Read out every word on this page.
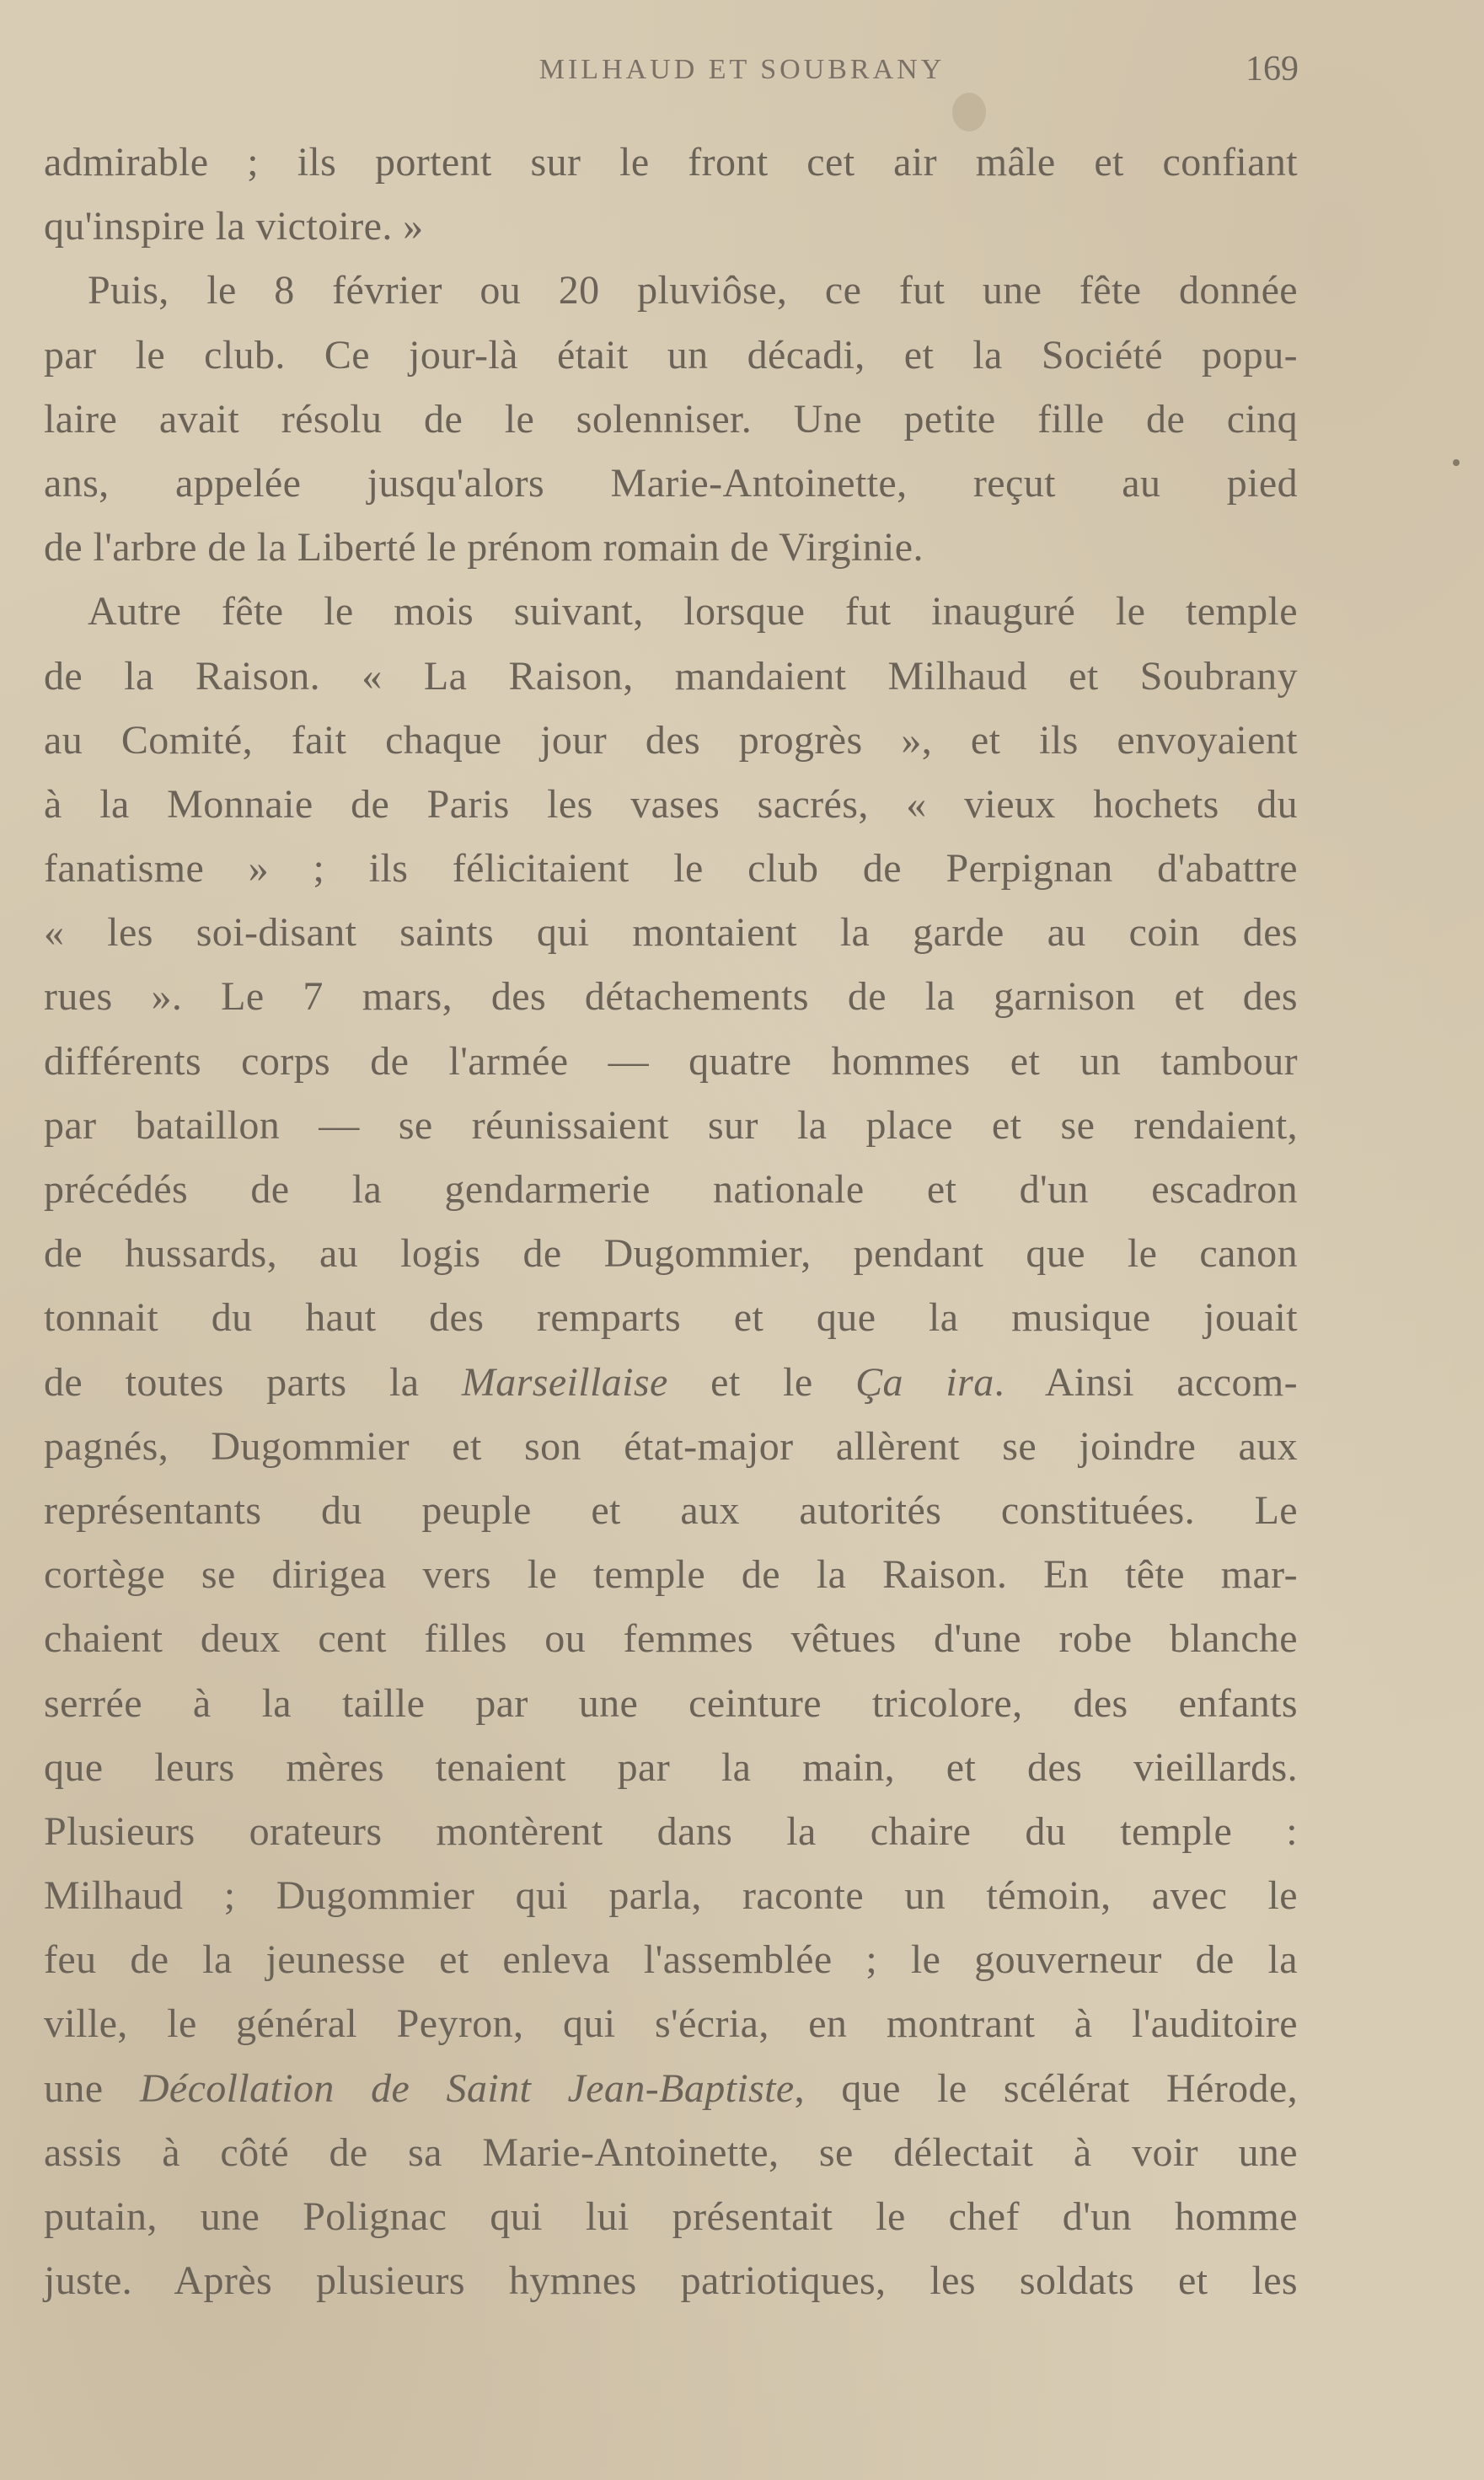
MILHAUD ET SOUBRANY	169
admirable ; ils portent sur le front cet air mâle et confiant
qu'inspire la victoire. »
Puis, le 8 février ou 20 pluviôse, ce fut une fête donnée
par le club. Ce jour-là était un décadi, et la Société popu-
laire avait résolu de le solenniser. Une petite fille de cinq
ans, appelée jusqu'alors Marie-Antoinette, reçut au pied
de l'arbre de la Liberté le prénom romain de Virginie.
Autre fête le mois suivant, lorsque fut inauguré le temple
de la Raison. « La Raison, mandaient Milhaud et Soubrany
au Comité, fait chaque jour des progrès », et ils envoyaient
à la Monnaie de Paris les vases sacrés, « vieux hochets du
fanatisme » ; ils félicitaient le club de Perpignan d'abattre
« les soi-disant saints qui montaient la garde au coin des
rues ». Le 7 mars, des détachements de la garnison et des
différents corps de l'armée — quatre hommes et un tambour
par bataillon — se réunissaient sur la place et se rendaient,
précédés de la gendarmerie nationale et d'un escadron
de hussards, au logis de Dugommier, pendant que le canon
tonnait du haut des remparts et que la musique jouait
de toutes parts la Marseillaise et le Ça ira. Ainsi accom-
pagnés, Dugommier et son état-major allèrent se joindre aux
représentants du peuple et aux autorités constituées. Le
cortège se dirigea vers le temple de la Raison. En tête mar-
chaient deux cent filles ou femmes vêtues d'une robe blanche
serrée à la taille par une ceinture tricolore, des enfants
que leurs mères tenaient par la main, et des vieillards.
Plusieurs orateurs montèrent dans la chaire du temple :
Milhaud ; Dugommier qui parla, raconte un témoin, avec le
feu de la jeunesse et enleva l'assemblée ; le gouverneur de la
ville, le général Peyron, qui s'écria, en montrant à l'auditoire
une Décollation de Saint Jean-Baptiste, que le scélérat Hérode,
assis à côté de sa Marie-Antoinette, se délectait à voir une
putain, une Polignac qui lui présentait le chef d'un homme
juste. Après plusieurs hymnes patriotiques, les soldats et les
